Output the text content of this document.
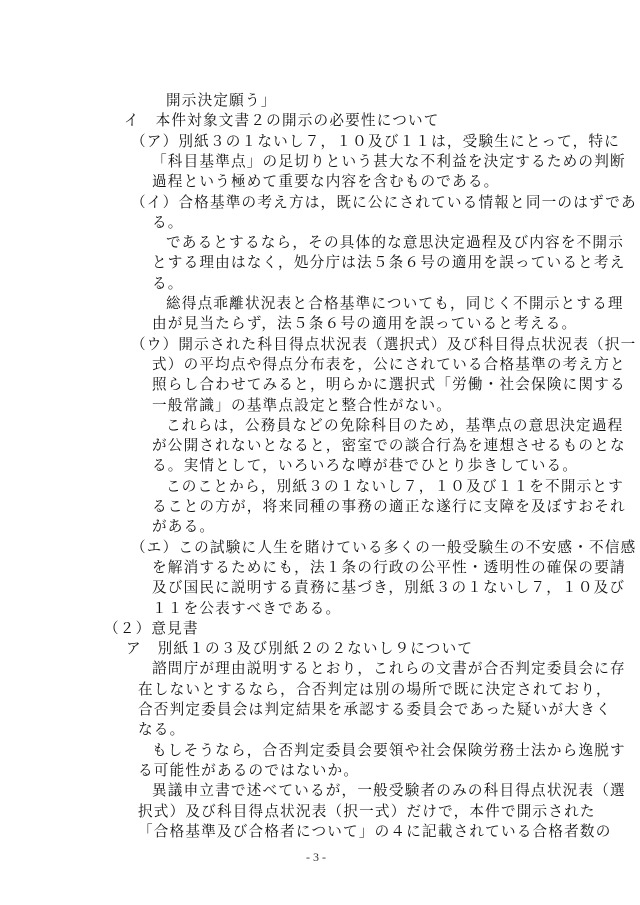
開示決定願う」
イ　本件対象文書２の開示の必要性について
（ア）別紙３の１ないし７，１０及び１１は，受験生にとって，特に
「科目基準点」の足切りという甚大な不利益を決定するための判断
過程という極めて重要な内容を含むものである。
（イ）合格基準の考え方は，既に公にされている情報と同一のはずであ
る。
であるとするなら，その具体的な意思決定過程及び内容を不開示
とする理由はなく，処分庁は法５条６号の適用を誤っていると考え
る。
総得点乖離状況表と合格基準についても，同じく不開示とする理
由が見当たらず，法５条６号の適用を誤っていると考える。
（ウ）開示された科目得点状況表（選択式）及び科目得点状況表（択一
式）の平均点や得点分布表を，公にされている合格基準の考え方と
照らし合わせてみると，明らかに選択式「労働・社会保険に関する
一般常識」の基準点設定と整合性がない。
これらは，公務員などの免除科目のため，基準点の意思決定過程
が公開されないとなると，密室での談合行為を連想させるものとな
る。実情として，いろいろな噂が巷でひとり歩きしている。
このことから，別紙３の１ないし７，１０及び１１を不開示とす
ることの方が，将来同種の事務の適正な遂行に支障を及ぼすおそれ
がある。
（エ）この試験に人生を賭けている多くの一般受験生の不安感・不信感
を解消するためにも，法１条の行政の公平性・透明性の確保の要請
及び国民に説明する責務に基づき，別紙３の１ないし７，１０及び
１１を公表すべきである。
（２）意見書
ア　別紙１の３及び別紙２の２ないし９について
諮問庁が理由説明するとおり，これらの文書が合否判定委員会に存
在しないとするなら，合否判定は別の場所で既に決定されており，
合否判定委員会は判定結果を承認する委員会であった疑いが大きく
なる。
もしそうなら，合否判定委員会要領や社会保険労務士法から逸脱す
る可能性があるのではないか。
異議申立書で述べているが，一般受験者のみの科目得点状況表（選
択式）及び科目得点状況表（択一式）だけで，本件で開示された
「合格基準及び合格者について」の４に記載されている合格者数の
- 3 -
